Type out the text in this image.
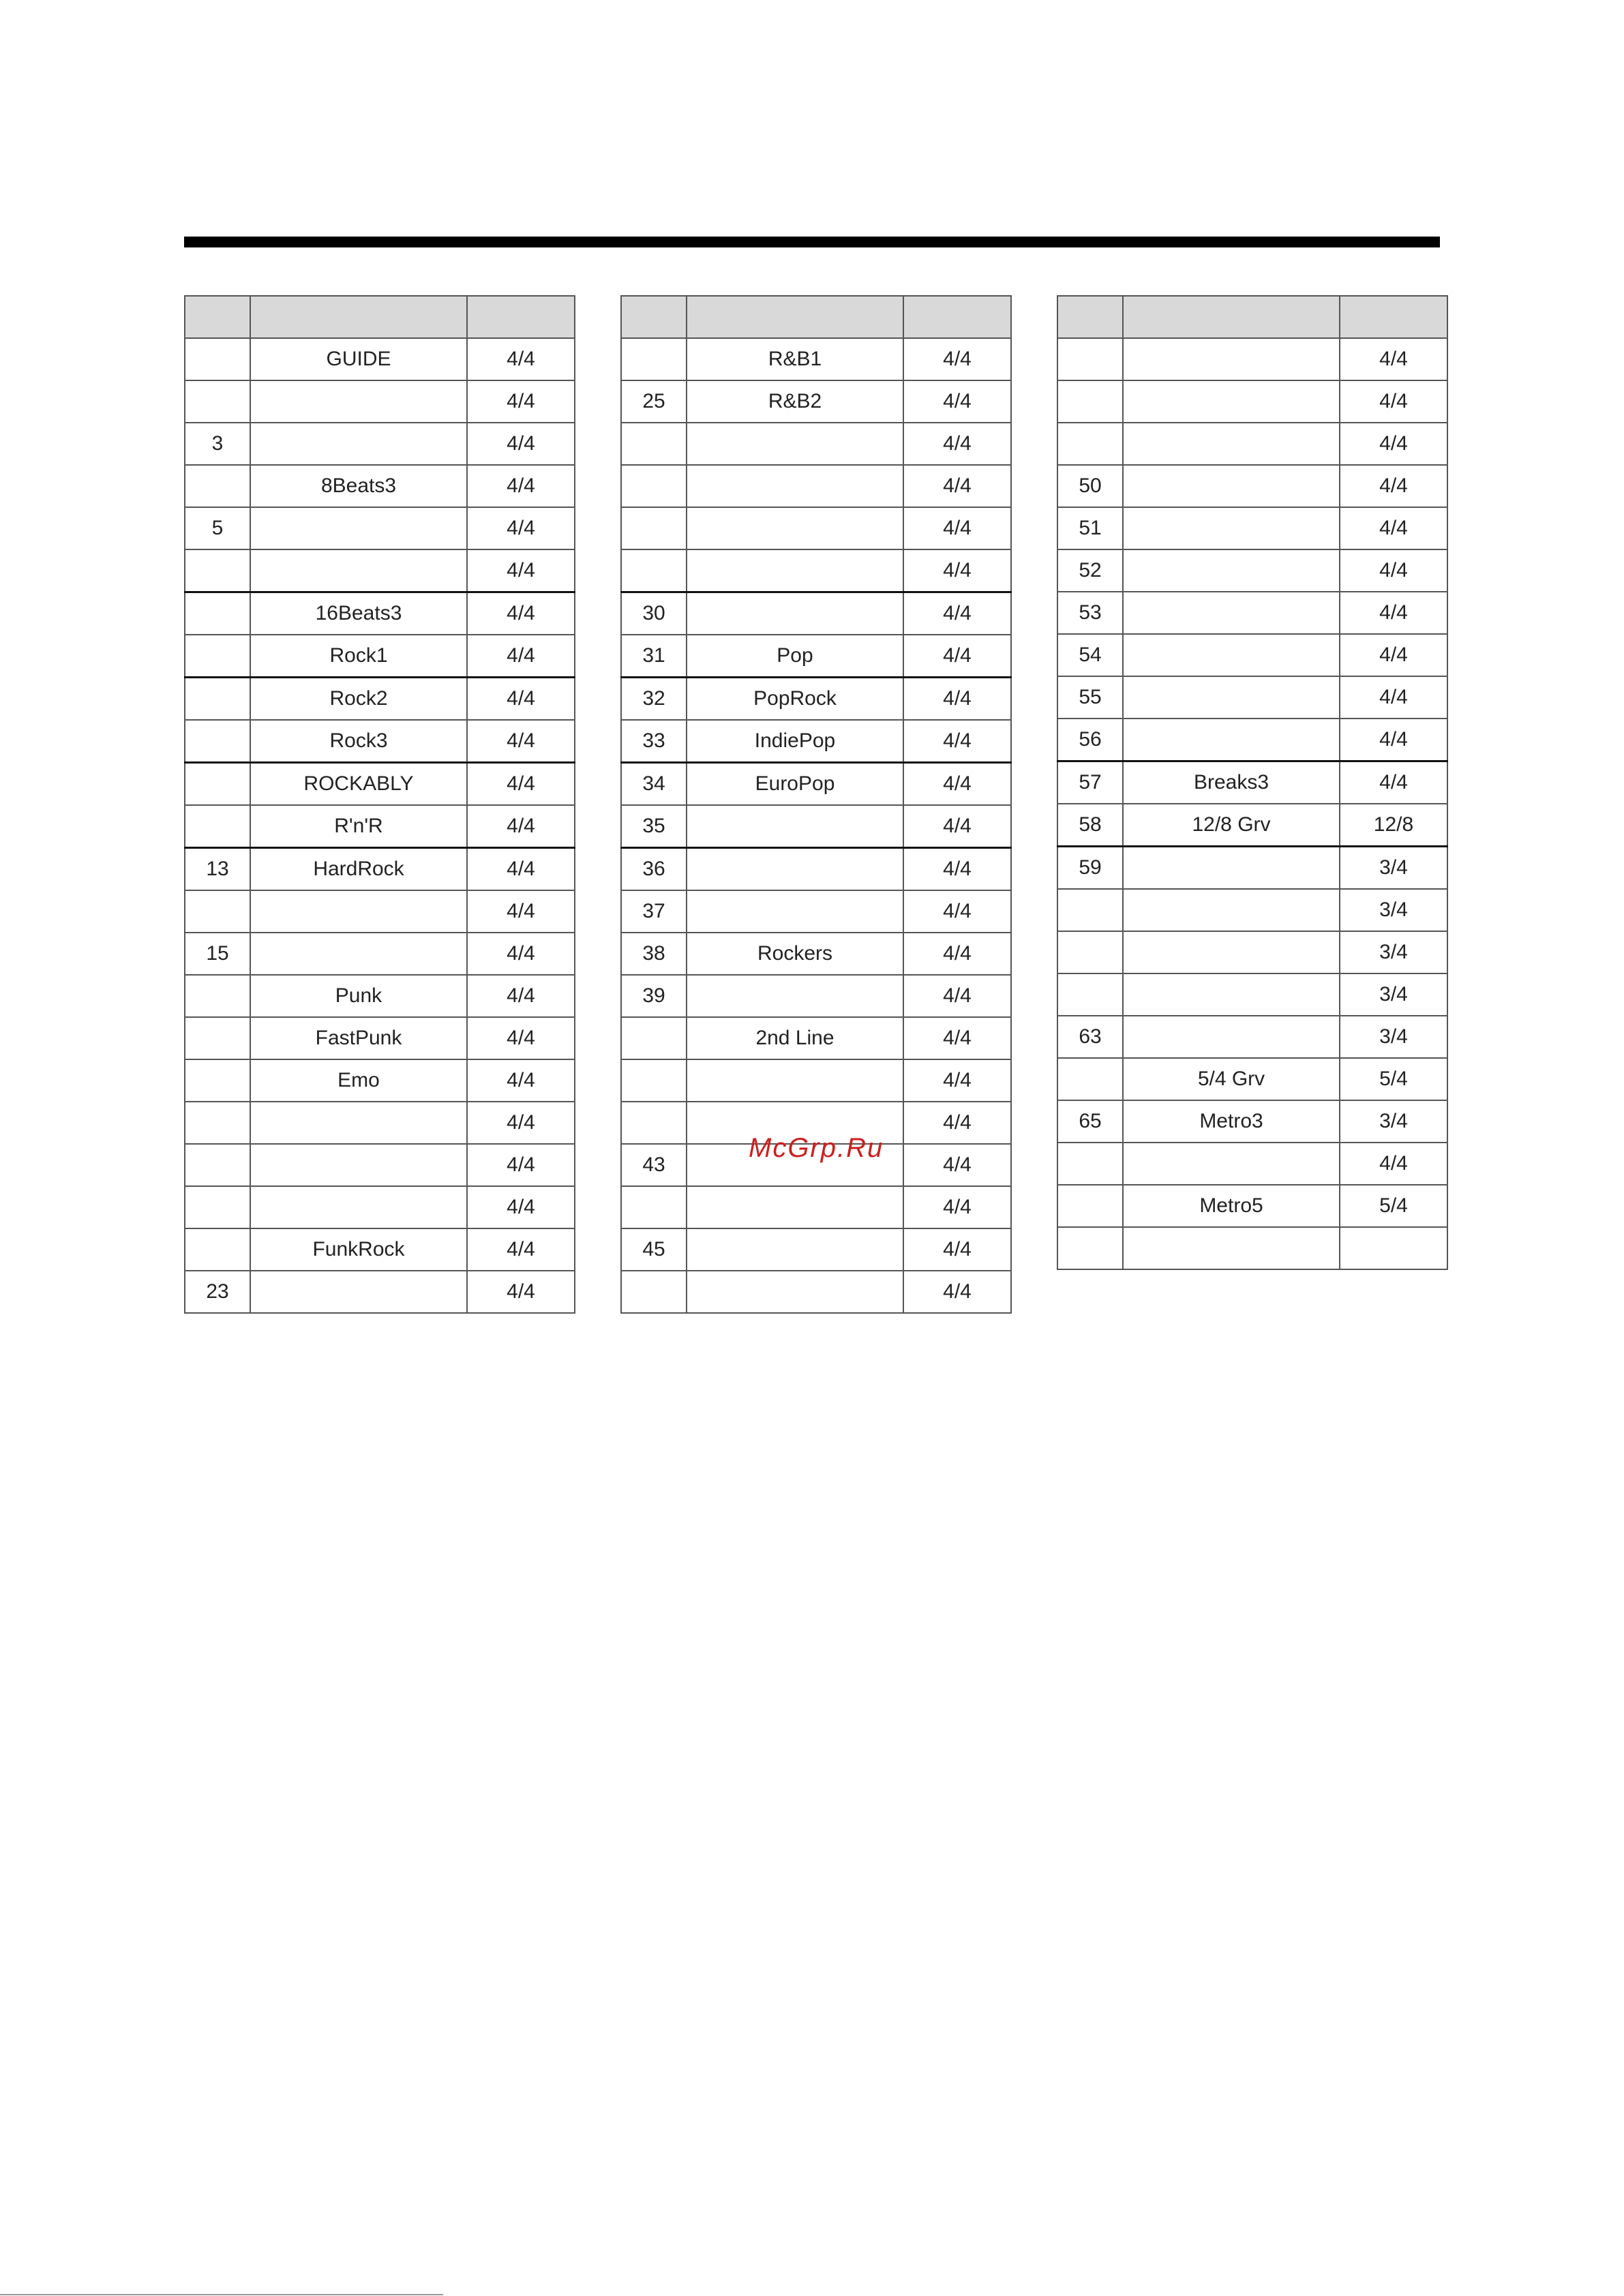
	GUIDE	4/4
		4/4
3		4/4
	8Beats3	4/4
5		4/4
		4/4
	16Beats3	4/4
	Rock1	4/4
	Rock2	4/4
	Rock3	4/4
	ROCKABLY	4/4
	R'n'R	4/4
13	HardRock	4/4
		4/4
15		4/4
	Punk	4/4
	FastPunk	4/4
	Emo	4/4
		4/4
		4/4
		4/4
	FunkRock	4/4
23		4/4

	R&B1	4/4
25	R&B2	4/4
		4/4
		4/4
		4/4
		4/4
30		4/4
31	Pop	4/4
32	PopRock	4/4
33	IndiePop	4/4
34	EuroPop	4/4
35		4/4
36		4/4
37		4/4
38	Rockers	4/4
39		4/4
	2nd Line	4/4
		4/4
		4/4
43		4/4
		4/4
45		4/4
		4/4

		4/4
		4/4
		4/4
50		4/4
51		4/4
52		4/4
53		4/4
54		4/4
55		4/4
56		4/4
57	Breaks3	4/4
58	12/8 Grv	12/8
59		3/4
		3/4
		3/4
		3/4
63		3/4
	5/4 Grv	5/4
65	Metro3	3/4
		4/4
	Metro5	5/4

McGrp.Ru
